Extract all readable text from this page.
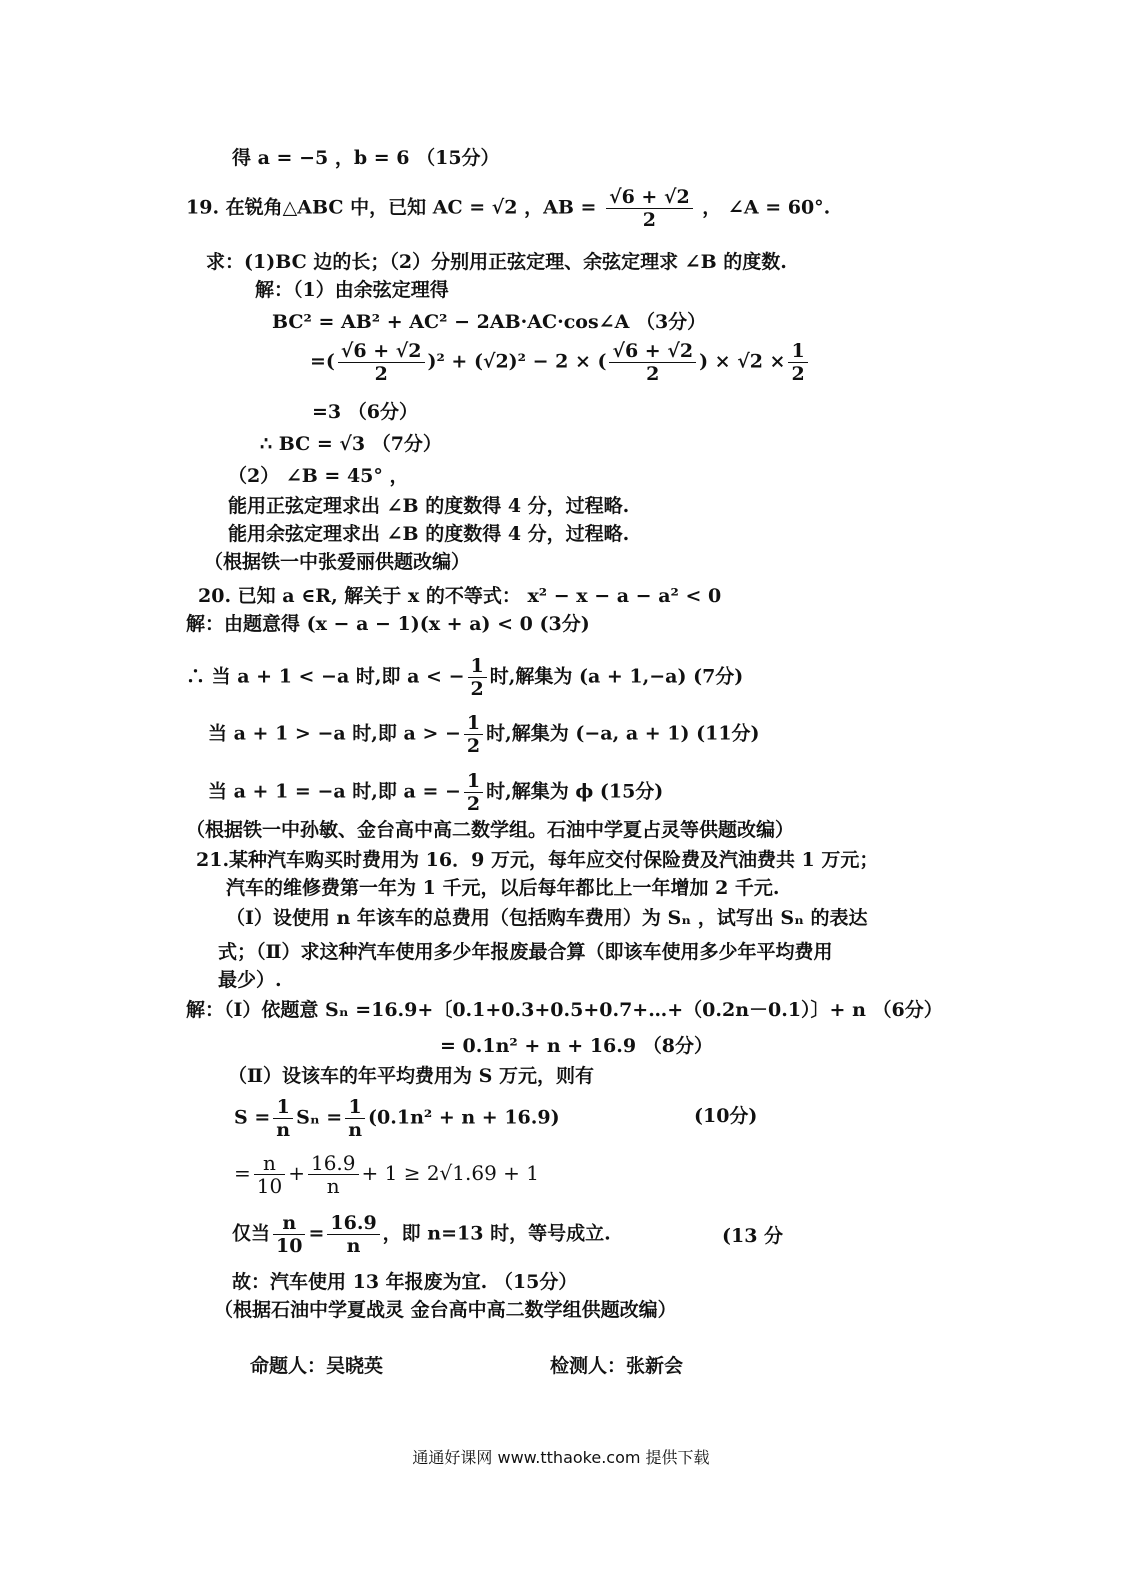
得 a = −5 ，b = 6 （15分）
19. 在锐角△ABC 中，已知 AC = √2 ，AB = $\frac{√6 + √2}{2}$ ， ∠A = 60°.
求：(1)BC 边的长；（2）分别用正弦定理、余弦定理求 ∠B 的度数.
解：（1）由余弦定理得
BC² = AB² + AC² − 2AB·AC·cos∠A （3分）
=( $\frac{√6 + √2}{2} )^2 + (√2)^2 - 2$ × ( $\frac{√6 + √2}{2}$ ) × $√2 \times \frac{1}{2}$
=3 （6分）
∴ BC = √3 （7分）
（2） ∠B = 45° ，
能用正弦定理求出 ∠B 的度数得 4 分，过程略.
能用余弦定理求出 ∠B 的度数得 4 分，过程略.
（根据铁一中张爱丽供题改编）
20. 已知 a ∈R, 解关于 x 的不等式： x² − x − a − a² < 0
解：由题意得 (x − a − 1)(x + a) < 0 (3分)
∴ 当 a + 1 < −a 时,即 a < − $\frac{1}{2}$ 时,解集为 (a + 1,−a) (7分)
当 a + 1 > −a 时,即 a > − $\frac{1}{2}$ 时,解集为 (−a, a + 1) (11分)
当 a + 1 = −a 时,即 a = − $\frac{1}{2}$ 时,解集为 ϕ (15分)
（根据铁一中孙敏、金台高中高二数学组。石油中学夏占灵等供题改编）
21.某种汽车购买时费用为 16．9 万元，每年应交付保险费及汽油费共 1 万元；
汽车的维修费第一年为 1 千元，以后每年都比上一年增加 2 千元.
（Ⅰ）设使用 n 年该车的总费用（包括购车费用）为 Sₙ ，试写出 Sₙ 的表达
式；（Ⅱ）求这种汽车使用多少年报废最合算（即该车使用多少年平均费用
最少）.
解：（Ⅰ）依题意 Sₙ =16.9+〔0.1+0.3+0.5+0.7+…+（0.2n－0.1）〕+ n （6分）
= 0.1n² + n + 16.9 （8分）
（Ⅱ）设该车的年平均费用为 S 万元，则有
$S = \frac{1}{n}$ $S_n = \frac{1}{n} (0.1n^2 + n + 16.9)$	(10分)
= $\frac{n}{10} + \frac{16.9}{n} + 1 \ge 2√1.69 + 1$
仅当 $\frac{n}{10} = \frac{16.9}{n}$ ，即 n=13 时，等号成立.	(13 分
故：汽车使用 13 年报废为宜. （15分）
（根据石油中学夏战灵 金台高中高二数学组供题改编）
命题人：吴晓英	检测人：张新会
通通好课网 www.tthaoke.com 提供下载
